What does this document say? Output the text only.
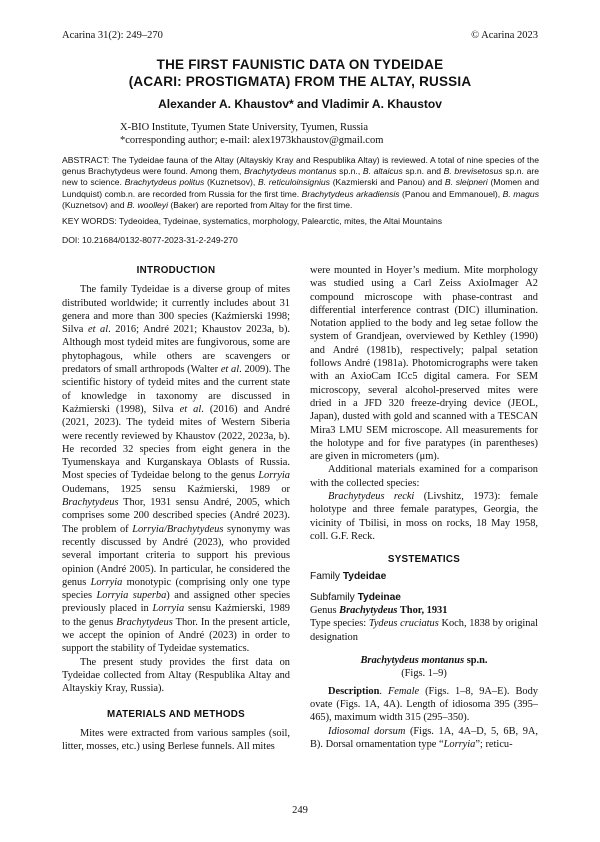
Acarina 31(2): 249–270	© Acarina 2023
THE FIRST FAUNISTIC DATA ON TYDEIDAE
(ACARI: PROSTIGMATA) FROM THE ALTAY, RUSSIA
Alexander A. Khaustov* and Vladimir A. Khaustov
X-BIO Institute, Tyumen State University, Tyumen, Russia
*corresponding author; e-mail: alex1973khaustov@gmail.com
ABSTRACT: The Tydeidae fauna of the Altay (Altayskiy Kray and Respublika Altay) is reviewed. A total of nine species of the genus Brachytydeus were found. Among them, Brachytydeus montanus sp.n., B. altaicus sp.n. and B. brevisetosus sp.n. are new to science. Brachytydeus politus (Kuznetsov), B. reticuloinsignius (Kazmierski and Panou) and B. sleipneri (Momen and Lundquist) comb.n. are recorded from Russia for the first time. Brachytydeus arkadiensis (Panou and Emmanouel), B. magus (Kuznetsov) and B. woolleyi (Baker) are reported from Altay for the first time.
KEY WORDS: Tydeoidea, Tydeinae, systematics, morphology, Palearctic, mites, the Altai Mountains
DOI: 10.21684/0132-8077-2023-31-2-249-270

INTRODUCTION

The family Tydeidae is a diverse group of mites distributed worldwide; it currently includes about 31 genera and more than 300 species (Kaźmierski 1998; Silva et al. 2016; André 2021; Khaustov 2023a, b). Although most tydeid mites are fungivorous, some are phytophagous, while others are scavengers or predators of small arthropods (Walter et al. 2009). The scientific history of tydeid mites and the current state of knowledge in taxonomy are discussed in Kaźmierski (1998), Silva et al. (2016) and André (2021, 2023). The tydeid mites of Western Siberia were recently reviewed by Khaustov (2022, 2023a, b). He recorded 32 species from eight genera in the Tyumenskaya and Kurganskaya Oblasts of Russia. Most species of Tydeidae belong to the genus Lorryia Oudemans, 1925 sensu Kaźmierski, 1989 or Brachytydeus Thor, 1931 sensu André, 2005, which comprises some 200 described species (André 2023). The problem of Lorryia/Brachytydeus synonymy was recently discussed by André (2023), who provided several important criteria to support his previous opinion (André 2005). In particular, he considered the genus Lorryia monotypic (comprising only one type species Lorryia superba) and assigned other species previously placed in Lorryia sensu Kaźmierski, 1989 to the genus Brachytydeus Thor. In the present article, we accept the opinion of André (2023) in order to support the stability of Tydeidae systematics.

The present study provides the first data on Tydeidae collected from Altay (Respublika Altay and Altayskiy Kray, Russia).

MATERIALS AND METHODS

Mites were extracted from various samples (soil, litter, mosses, etc.) using Berlese funnels. All mites

were mounted in Hoyer’s medium. Mite morphology was studied using a Carl Zeiss AxioImager A2 compound microscope with phase-contrast and differential interference contrast (DIC) illumination. Notation applied to the body and leg setae follow the system of Grandjean, overviewed by Kethley (1990) and André (1981b), respectively; palpal setation follows André (1981a). Photomicrographs were taken with an AxioCam ICc5 digital camera. For SEM microscopy, several alcohol-preserved mites were dried in a JFD 320 freeze-drying device (JEOL, Japan), dusted with gold and scanned with a TESCAN Mira3 LMU SEM microscope. All measurements for the holotype and for five paratypes (in parentheses) are given in micrometers (μm).

Additional materials examined for a comparison with the collected species:

Brachytydeus recki (Livshitz, 1973): female holotype and three female paratypes, Georgia, the vicinity of Tbilisi, in moss on rocks, 18 May 1958, coll. G.F. Reck.

SYSTEMATICS

Family Tydeidae

Subfamily Tydeinae

Genus Brachytydeus Thor, 1931

Type species: Tydeus cruciatus Koch, 1838 by original designation

Brachytydeus montanus sp.n.

(Figs. 1–9)

Description. Female (Figs. 1–8, 9A–E). Body ovate (Figs. 1A, 4A). Length of idiosoma 395 (395–465), maximum width 315 (295–350).

Idiosomal dorsum (Figs. 1A, 4A–D, 5, 6B, 9A, B). Dorsal ornamentation type “Lorryia”; reticu-

249
